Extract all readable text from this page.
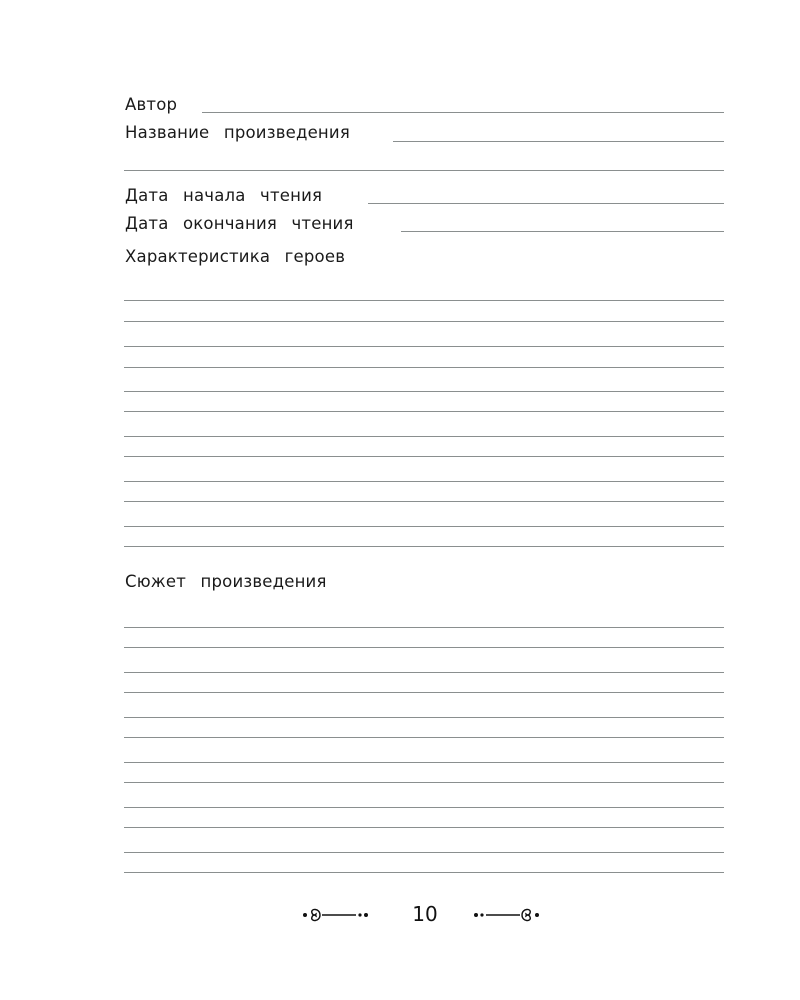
Автор
Название произведения
Дата начала чтения
Дата окончания чтения
Характеристика героев
Сюжет произведения
10
